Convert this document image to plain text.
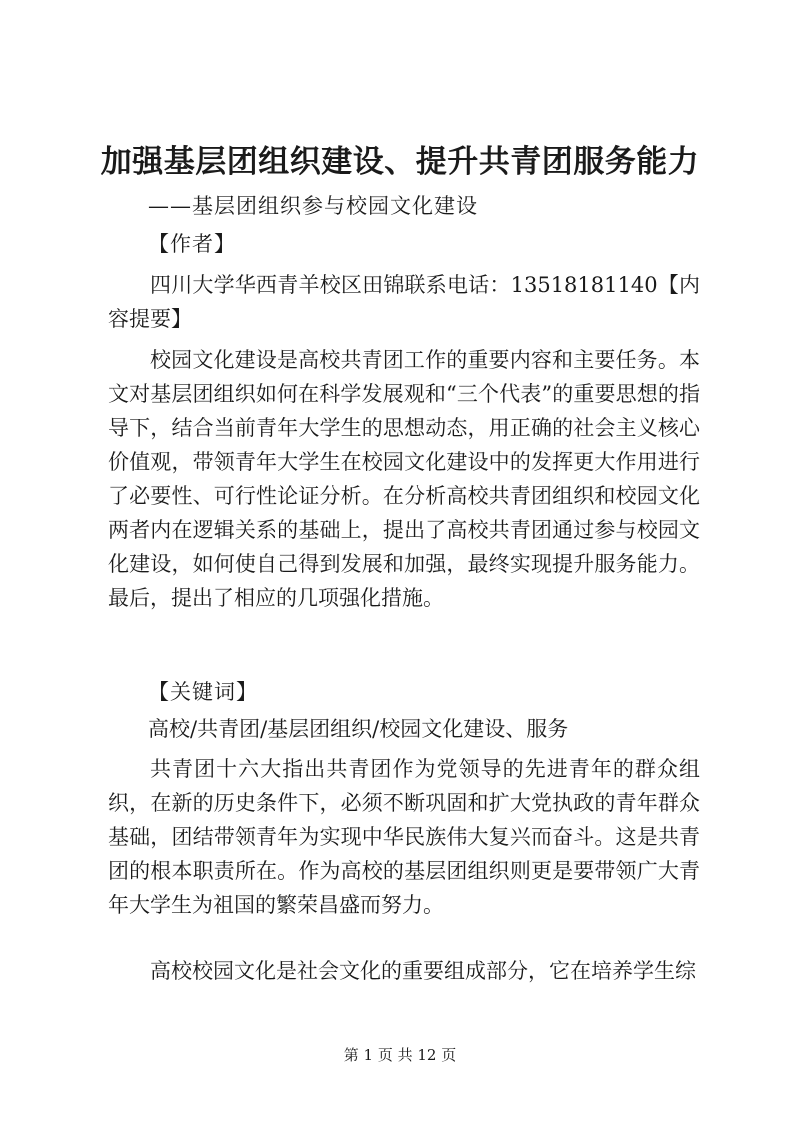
加强基层团组织建设、提升共青团服务能力

——基层团组织参与校园文化建设

【作者】

四川大学华西青羊校区田锦联系电话：13518181140【内容提要】

校园文化建设是高校共青团工作的重要内容和主要任务。本文对基层团组织如何在科学发展观和“三个代表”的重要思想的指导下，结合当前青年大学生的思想动态，用正确的社会主义核心价值观，带领青年大学生在校园文化建设中的发挥更大作用进行了必要性、可行性论证分析。在分析高校共青团组织和校园文化两者内在逻辑关系的基础上，提出了高校共青团通过参与校园文化建设，如何使自己得到发展和加强，最终实现提升服务能力。最后，提出了相应的几项强化措施。

【关键词】

高校/共青团/基层团组织/校园文化建设、服务

共青团十六大指出共青团作为党领导的先进青年的群众组织，在新的历史条件下，必须不断巩固和扩大党执政的青年群众基础，团结带领青年为实现中华民族伟大复兴而奋斗。这是共青团的根本职责所在。作为高校的基层团组织则更是要带领广大青年大学生为祖国的繁荣昌盛而努力。

高校校园文化是社会文化的重要组成部分，它在培养学生综

第 1 页 共 12 页
